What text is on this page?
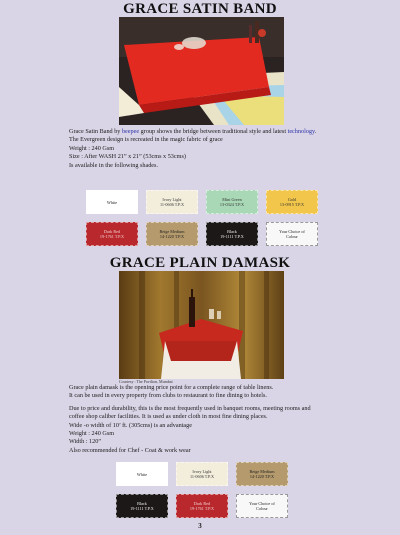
GRACE SATIN BAND

Grace Satin Band by beepee group shows the bridge between traditional style and latest technology.

The Evergreen design is recreated in the magic fabric of grace

Weight : 240 Gsm

Size : After WASH 21” x 21” (53cms x 53cms)

Is available in the following shades.

White	Ivory Light
11-0606 T.P.X
Mint Green
13-0324 T.P.X
Gold
13-0915 T.P.X
Dark Red
19-1761 T.P.X
Beige Medium
14-1220 T.P.X
Black
19-1111 T.P.X
Your Choice of
Colour
GRACE PLAIN DAMASK
Courtesy : The Pavilion, Mumbai

Grace plain damask is the opening price point for a complete range of table linens.

It can be used in every property from clubs to restaurant to fine dining to hotels.

Due to price and durability, this is the most frequently used in banquet rooms, meeting rooms and

coffee shop caliber facilities. It is used as under cloth in most fine dining places.

Wide -o width of 10’ ft. (305cms) is an advantage

Weight : 240 Gsm

Width : 120”

Also recommended for Chef - Coat & work wear

White	Ivory Light
11-0606 T.P.X
Beige Medium
14-1220 T.P.X
Black
19-1111 T.P.X
Dark Red
19-1761 T.P.X
Your Choice of
Colour
3
